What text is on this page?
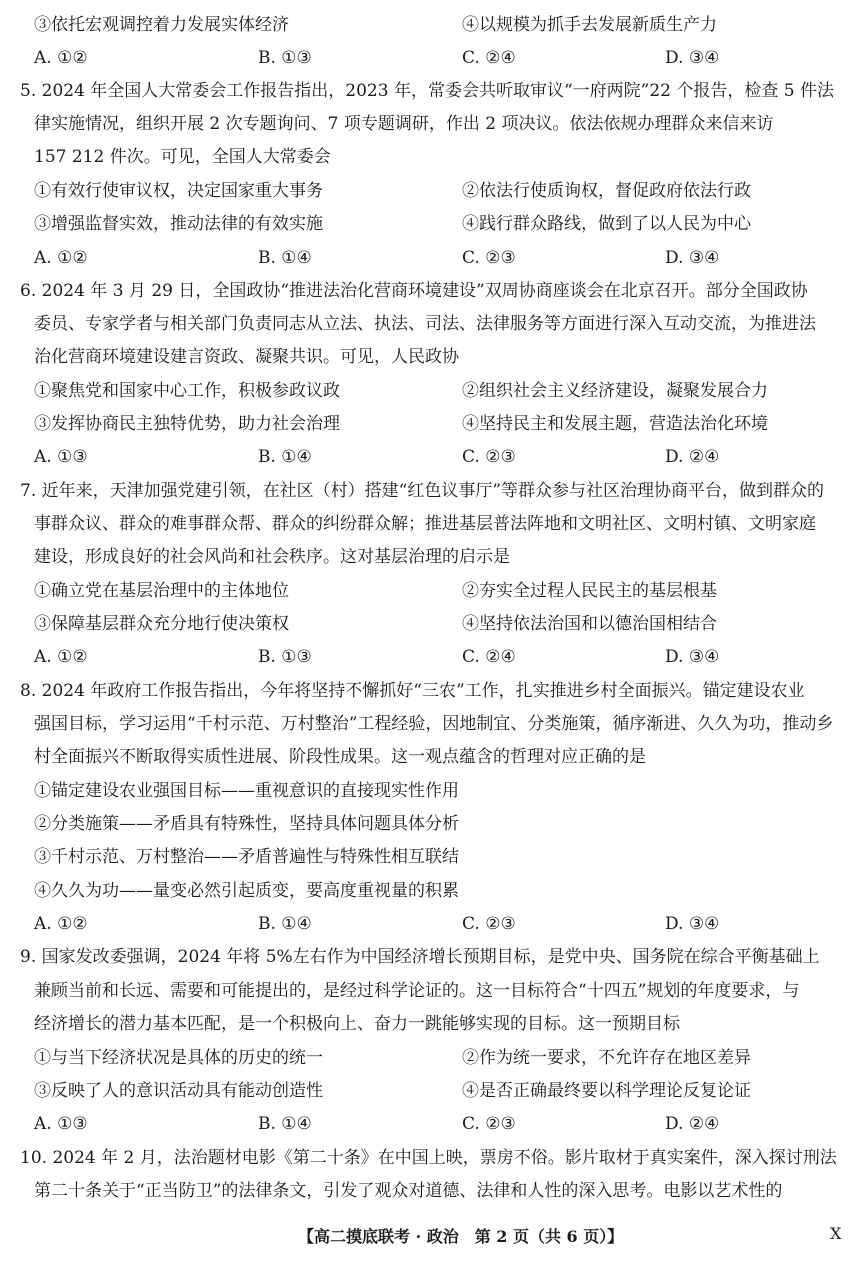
③依托宏观调控着力发展实体经济	④以规模为抓手去发展新质生产力
A. ①②	B. ①③	C. ②④	D. ③④
5. 2024 年全国人大常委会工作报告指出，2023 年，常委会共听取审议“一府两院”22 个报告，检查 5 件法
律实施情况，组织开展 2 次专题询问、7 项专题调研，作出 2 项决议。依法依规办理群众来信来访
157 212 件次。可见，全国人大常委会
①有效行使审议权，决定国家重大事务	②依法行使质询权，督促政府依法行政
③增强监督实效，推动法律的有效实施	④践行群众路线，做到了以人民为中心
A. ①②	B. ①④	C. ②③	D. ③④
6. 2024 年 3 月 29 日，全国政协“推进法治化营商环境建设”双周协商座谈会在北京召开。部分全国政协
委员、专家学者与相关部门负责同志从立法、执法、司法、法律服务等方面进行深入互动交流，为推进法
治化营商环境建设建言资政、凝聚共识。可见，人民政协
①聚焦党和国家中心工作，积极参政议政	②组织社会主义经济建设，凝聚发展合力
③发挥协商民主独特优势，助力社会治理	④坚持民主和发展主题，营造法治化环境
A. ①③	B. ①④	C. ②③	D. ②④
7. 近年来，天津加强党建引领，在社区（村）搭建“红色议事厅”等群众参与社区治理协商平台，做到群众的
事群众议、群众的难事群众帮、群众的纠纷群众解；推进基层普法阵地和文明社区、文明村镇、文明家庭
建设，形成良好的社会风尚和社会秩序。这对基层治理的启示是
①确立党在基层治理中的主体地位	②夯实全过程人民民主的基层根基
③保障基层群众充分地行使决策权	④坚持依法治国和以德治国相结合
A. ①②	B. ①③	C. ②④	D. ③④
8. 2024 年政府工作报告指出，今年将坚持不懈抓好“三农”工作，扎实推进乡村全面振兴。锚定建设农业
强国目标，学习运用“千村示范、万村整治”工程经验，因地制宜、分类施策，循序渐进、久久为功，推动乡
村全面振兴不断取得实质性进展、阶段性成果。这一观点蕴含的哲理对应正确的是
①锚定建设农业强国目标——重视意识的直接现实性作用
②分类施策——矛盾具有特殊性，坚持具体问题具体分析
③千村示范、万村整治——矛盾普遍性与特殊性相互联结
④久久为功——量变必然引起质变，要高度重视量的积累
A. ①②	B. ①④	C. ②③	D. ③④
9. 国家发改委强调，2024 年将 5%左右作为中国经济增长预期目标，是党中央、国务院在综合平衡基础上
兼顾当前和长远、需要和可能提出的，是经过科学论证的。这一目标符合“十四五”规划的年度要求，与
经济增长的潜力基本匹配，是一个积极向上、奋力一跳能够实现的目标。这一预期目标
①与当下经济状况是具体的历史的统一	②作为统一要求，不允许存在地区差异
③反映了人的意识活动具有能动创造性	④是否正确最终要以科学理论反复论证
A. ①③	B. ①④	C. ②③	D. ②④
10. 2024 年 2 月，法治题材电影《第二十条》在中国上映，票房不俗。影片取材于真实案件，深入探讨刑法
第二十条关于“正当防卫”的法律条文，引发了观众对道德、法律和人性的深入思考。电影以艺术性的
【高二摸底联考 · 政治　第 2 页（共 6 页）】	X
